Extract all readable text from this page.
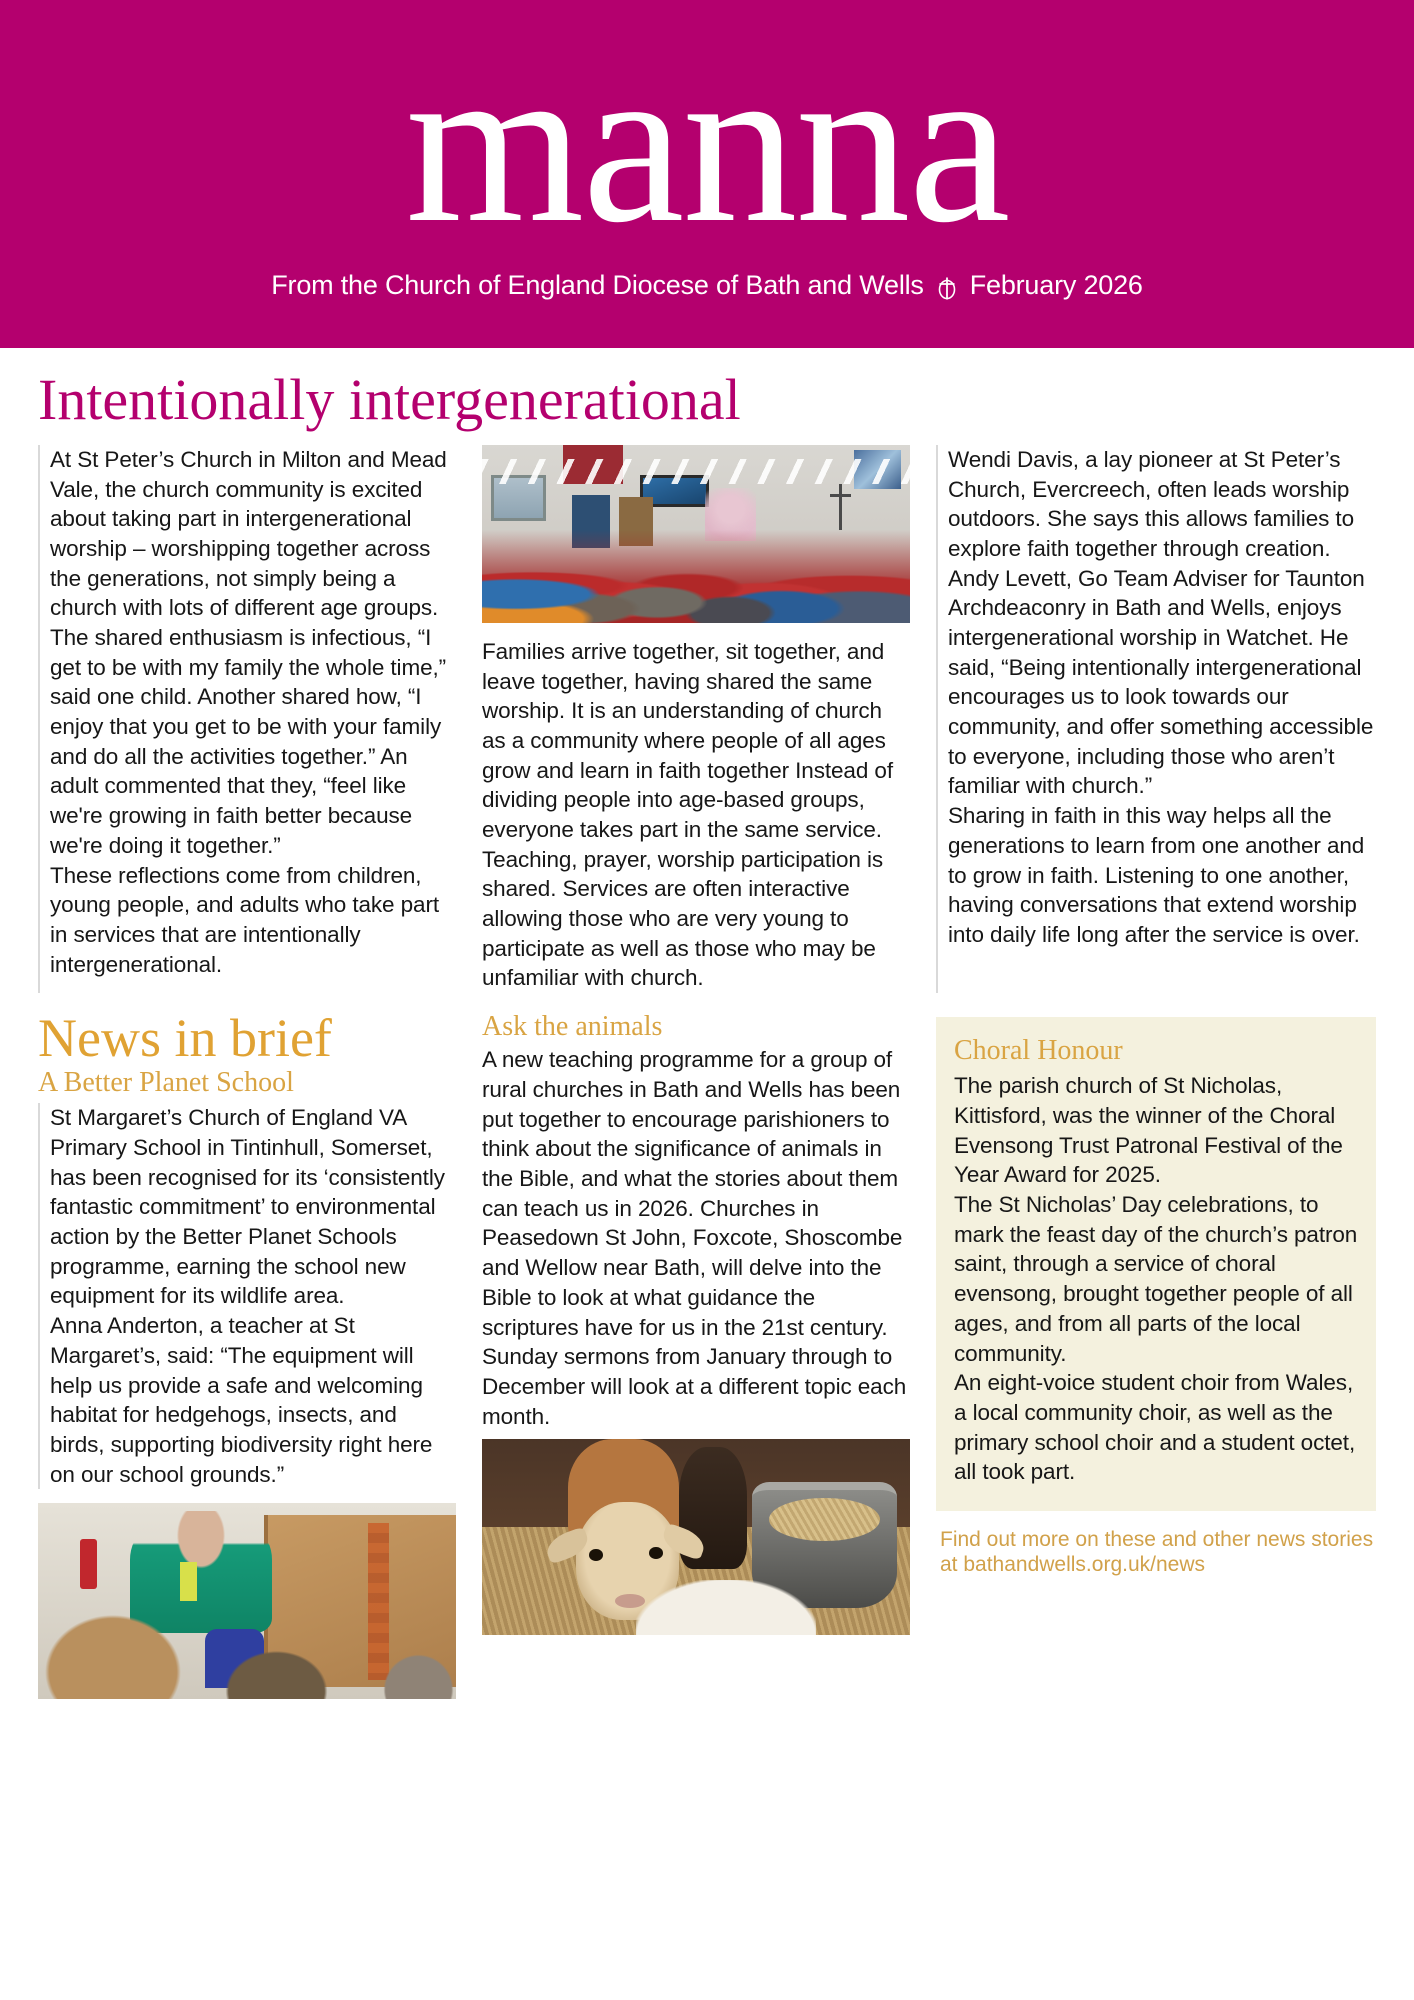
manna
From the Church of England Diocese of Bath and Wells February 2026
Intentionally intergenerational

At St Peter’s Church in Milton and Mead Vale, the church community is excited about taking part in intergenerational worship – worshipping together across the generations, not simply being a church with lots of different age groups. The shared enthusiasm is infectious, “I get to be with my family the whole time,” said one child. Another shared how, “I enjoy that you get to be with your family and do all the activities together.” An adult commented that they, “feel like we're growing in faith better because we're doing it together.”
These reflections come from children, young people, and adults who take part in services that are intentionally intergenerational.

Families arrive together, sit together, and leave together, having shared the same worship. It is an understanding of church as a community where people of all ages grow and learn in faith together Instead of dividing people into age-based groups, everyone takes part in the same service.
Teaching, prayer, worship participation is shared. Services are often interactive allowing those who are very young to participate as well as those who may be unfamiliar with church.

Wendi Davis, a lay pioneer at St Peter’s Church, Evercreech, often leads worship outdoors. She says this allows families to explore faith together through creation.
Andy Levett, Go Team Adviser for Taunton Archdeaconry in Bath and Wells, enjoys intergenerational worship in Watchet. He said, “Being intentionally intergenerational encourages us to look towards our community, and offer something accessible to everyone, including those who aren’t familiar with church.”
Sharing in faith in this way helps all the generations to learn from one another and to grow in faith. Listening to one another, having conversations that extend worship into daily life long after the service is over.

News in brief
A Better Planet School

St Margaret’s Church of England VA Primary School in Tintinhull, Somerset, has been recognised for its ‘consistently fantastic commitment’ to environmental action by the Better Planet Schools programme, earning the school new equipment for its wildlife area.
Anna Anderton, a teacher at St Margaret’s, said: “The equipment will help us provide a safe and welcoming habitat for hedgehogs, insects, and birds, supporting biodiversity right here on our school grounds.”

Ask the animals

A new teaching programme for a group of rural churches in Bath and Wells has been put together to encourage parishioners to think about the significance of animals in the Bible, and what the stories about them can teach us in 2026. Churches in Peasedown St John, Foxcote, Shoscombe and Wellow near Bath, will delve into the Bible to look at what guidance the scriptures have for us in the 21st century. Sunday sermons from January through to December will look at a different topic each month.

Choral Honour

The parish church of St Nicholas, Kittisford, was the winner of the Choral Evensong Trust Patronal Festival of the Year Award for 2025.
The St Nicholas’ Day celebrations, to mark the feast day of the church’s patron saint, through a service of choral evensong, brought together people of all ages, and from all parts of the local community.
An eight-voice student choir from Wales, a local community choir, as well as the primary school choir and a student octet, all took part.

Find out more on these and other news stories at bathandwells.org.uk/news
